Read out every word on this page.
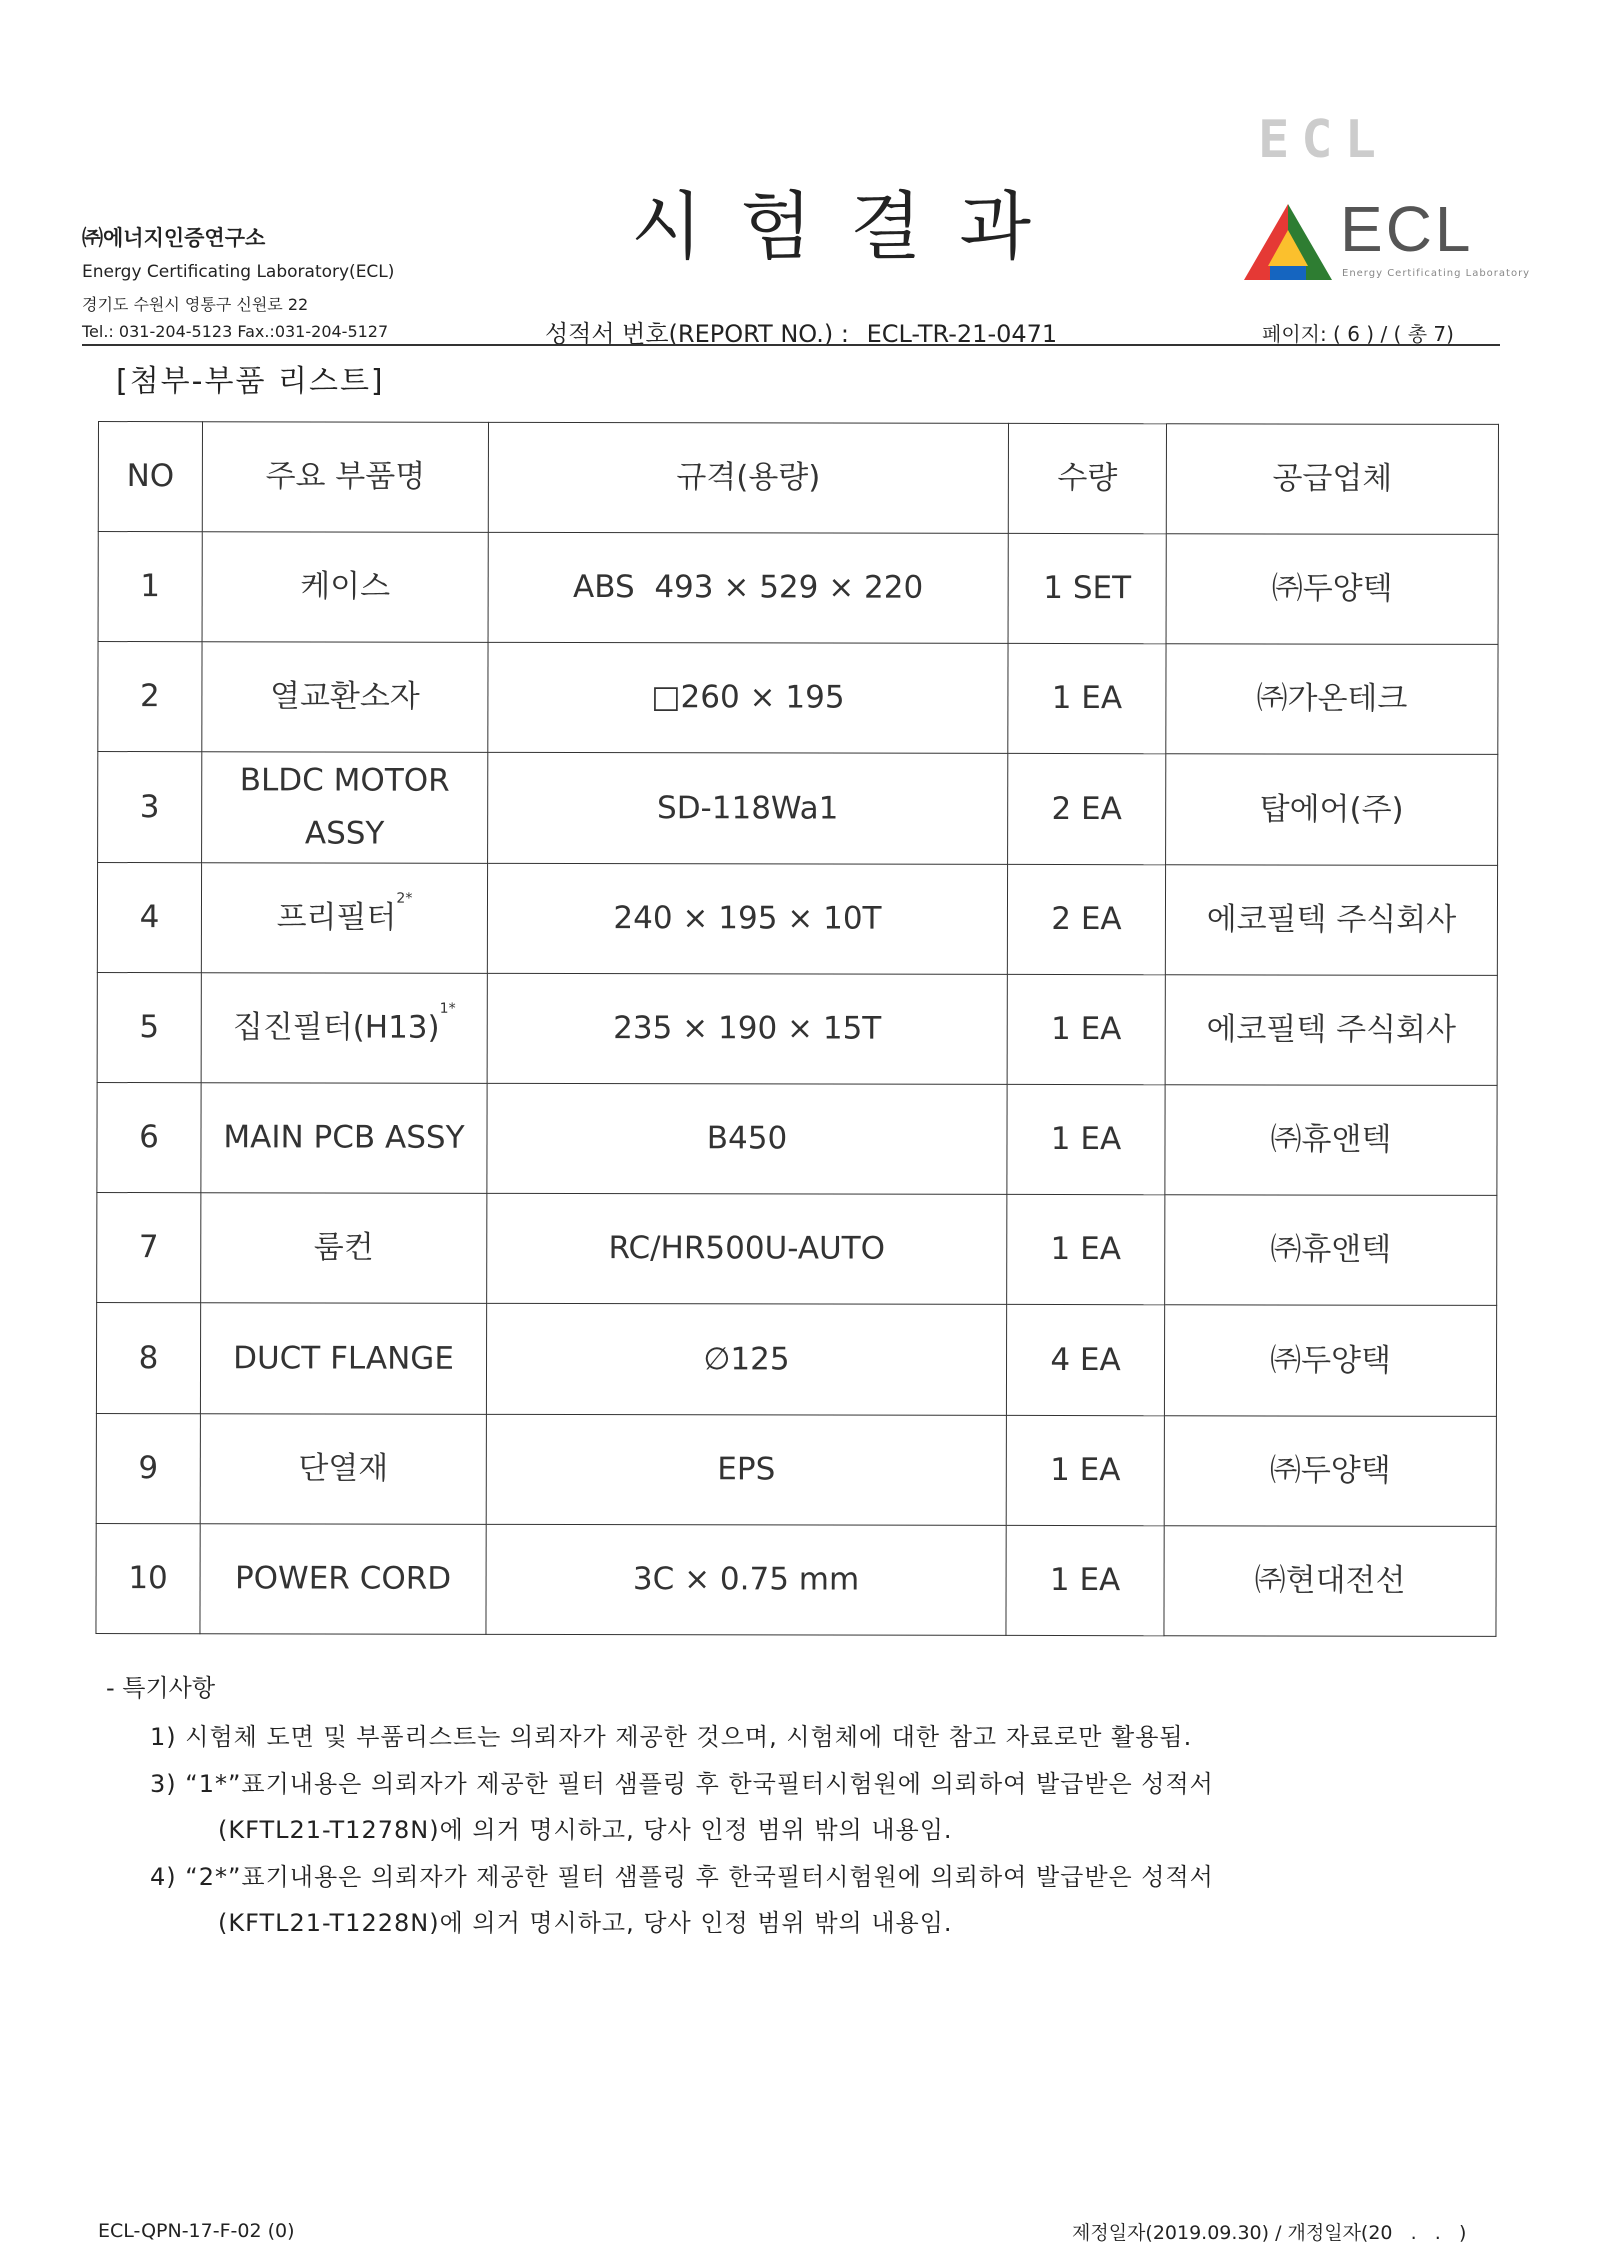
㈜에너지인증연구소
Energy Certificating Laboratory(ECL)
경기도 수원시 영통구 신원로 22
Tel.: 031-204-5123 Fax.:031-204-5127
시험결과
ECL
ECL
Energy Certificating Laboratory
성적서 번호(REPORT NO.) : ECL-TR-21-0471	페이지: ( 6 ) / ( 총 7)
[첨부-부품 리스트]
NO	주요 부품명	규격(용량)	수량	공급업체
1	케이스	ABS  493 × 529 × 220	1 SET	㈜두양텍
2	열교환소자	□260 × 195	1 EA	㈜가온테크
3	BLDC MOTOR ASSY	SD-118Wa1	2 EA	탑에어(주)
4	프리필터$^{2*}$	240 × 195 × 10T	2 EA	에코필텍 주식회사
5	집진필터$(H13)^{1*}$	235 × 190 × 15T	1 EA	에코필텍 주식회사
6	MAIN PCB ASSY	B450	1 EA	㈜휴앤텍
7	룸컨	RC/HR500U-AUTO	1 EA	㈜휴앤텍
8	DUCT FLANGE	∅125	4 EA	㈜두양택
9	단열재	EPS	1 EA	㈜두양택
10	POWER CORD	3C × 0.75 mm	1 EA	㈜현대전선
- 특기사항
1) 시험체 도면 및 부품리스트는 의뢰자가 제공한 것으며, 시험체에 대한 참고 자료로만 활용됨.
3) “1*”표기내용은 의뢰자가 제공한 필터 샘플링 후 한국필터시험원에 의뢰하여 발급받은 성적서
(KFTL21-T1278N)에 의거 명시하고, 당사 인정 범위 밖의 내용임.
4) “2*”표기내용은 의뢰자가 제공한 필터 샘플링 후 한국필터시험원에 의뢰하여 발급받은 성적서
(KFTL21-T1228N)에 의거 명시하고, 당사 인정 범위 밖의 내용임.
ECL-QPN-17-F-02 (0)	제정일자(2019.09.30) / 개정일자(20   .   .   )
